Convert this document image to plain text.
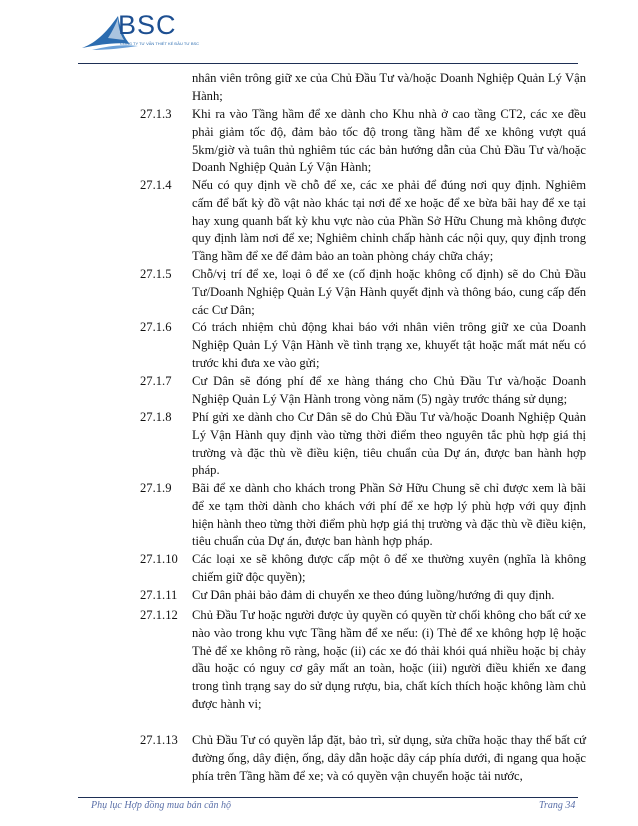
BSC
CÔNG TY TƯ VẤN THIẾT KẾ ĐẦU TƯ BSC
nhân viên trông giữ xe của Chủ Đầu Tư và/hoặc Doanh Nghiệp Quản Lý Vận Hành;
27.1.3 Khi ra vào Tầng hầm để xe dành cho Khu nhà ở cao tầng CT2, các xe đều phải giảm tốc độ, đảm bảo tốc độ trong tầng hầm để xe không vượt quá 5km/giờ và tuân thủ nghiêm túc các bản hướng dẫn của Chủ Đầu Tư và/hoặc Doanh Nghiệp Quản Lý Vận Hành;
27.1.4 Nếu có quy định về chỗ để xe, các xe phải để đúng nơi quy định. Nghiêm cấm để bất kỳ đồ vật nào khác tại nơi để xe hoặc để xe bừa bãi hay để xe tại hay xung quanh bất kỳ khu vực nào của Phần Sở Hữu Chung mà không được quy định làm nơi để xe; Nghiêm chỉnh chấp hành các nội quy, quy định trong Tầng hầm để xe để đảm bảo an toàn phòng cháy chữa cháy;
27.1.5 Chỗ/vị trí để xe, loại ô để xe (cố định hoặc không cố định) sẽ do Chủ Đầu Tư/Doanh Nghiệp Quản Lý Vận Hành quyết định và thông báo, cung cấp đến các Cư Dân;
27.1.6 Có trách nhiệm chủ động khai báo với nhân viên trông giữ xe của Doanh Nghiệp Quản Lý Vận Hành về tình trạng xe, khuyết tật hoặc mất mát nếu có trước khi đưa xe vào gửi;
27.1.7 Cư Dân sẽ đóng phí để xe hàng tháng cho Chủ Đầu Tư và/hoặc Doanh Nghiệp Quản Lý Vận Hành trong vòng năm (5) ngày trước tháng sử dụng;
27.1.8 Phí gửi xe dành cho Cư Dân sẽ do Chủ Đầu Tư và/hoặc Doanh Nghiệp Quản Lý Vận Hành quy định vào từng thời điểm theo nguyên tắc phù hợp giá thị trường và đặc thù về điều kiện, tiêu chuẩn của Dự án, được ban hành hợp pháp.
27.1.9 Bãi để xe dành cho khách trong Phần Sở Hữu Chung sẽ chỉ được xem là bãi để xe tạm thời dành cho khách với phí để xe hợp lý phù hợp với quy định hiện hành theo từng thời điểm phù hợp giá thị trường và đặc thù về điều kiện, tiêu chuẩn của Dự án, được ban hành hợp pháp.
27.1.10 Các loại xe sẽ không được cấp một ô để xe thường xuyên (nghĩa là không chiếm giữ độc quyền);
27.1.11 Cư Dân phải bảo đảm di chuyển xe theo đúng luồng/hướng đi quy định.
27.1.12 Chủ Đầu Tư hoặc người được ủy quyền có quyền từ chối không cho bất cứ xe nào vào trong khu vực Tầng hầm để xe nếu: (i) Thẻ để xe không hợp lệ hoặc Thẻ để xe không rõ ràng, hoặc (ii) các xe đó thải khói quá nhiều hoặc bị chảy dầu hoặc có nguy cơ gây mất an toàn, hoặc (iii) người điều khiển xe đang trong tình trạng say do sử dụng rượu, bia, chất kích thích hoặc không làm chủ được hành vi;
27.1.13 Chủ Đầu Tư có quyền lắp đặt, bảo trì, sử dụng, sửa chữa hoặc thay thế bất cứ đường ống, dây điện, ống, dây dẫn hoặc dây cáp phía dưới, đi ngang qua hoặc phía trên Tầng hầm để xe; và có quyền vận chuyển hoặc tải nước,
Phụ lục Hợp đồng mua bán căn hộ	Trang 34
